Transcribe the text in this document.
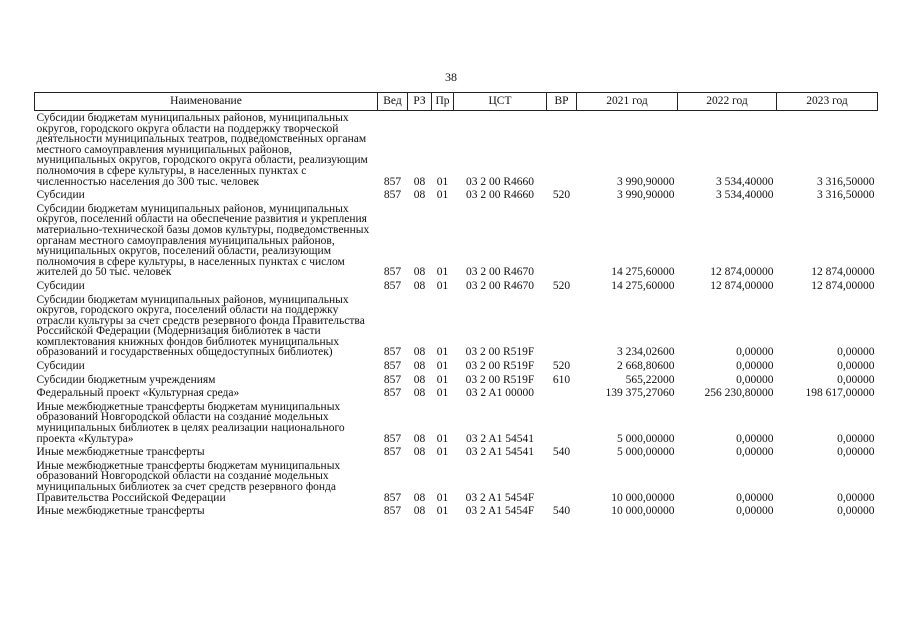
38
Наименование	Вед	РЗ	Пр	ЦСТ	ВР	2021 год	2022 год	2023 год
Субсидии бюджетам муниципальных районов, муниципальных округов, городского округа области на поддержку творческой деятельности муниципальных театров, подведомственных органам местного самоуправления муниципальных районов, муниципальных округов, городского округа области, реализующим полномочия в сфере культуры, в населенных пунктах с численностью населения до 300 тыс. человек	857	08	01	03 2 00 R4660		3 990,90000	3 534,40000	3 316,50000
Субсидии	857	08	01	03 2 00 R4660	520	3 990,90000	3 534,40000	3 316,50000
Субсидии бюджетам муниципальных районов, муниципальных округов, поселений области на обеспечение развития и укрепления материально-технической базы домов культуры, подведомственных органам местного самоуправления муниципальных районов, муниципальных округов, поселений области, реализующим полномочия в сфере культуры, в населенных пунктах с числом жителей до 50 тыс. человек	857	08	01	03 2 00 R4670		14 275,60000	12 874,00000	12 874,00000
Субсидии	857	08	01	03 2 00 R4670	520	14 275,60000	12 874,00000	12 874,00000
Субсидии бюджетам муниципальных районов, муниципальных округов, городского округа, поселений области на поддержку отрасли культуры за счет средств резервного фонда Правительства Российской Федерации (Модернизация библиотек в части комплектования книжных фондов библиотек муниципальных образований и государственных общедоступных библиотек)	857	08	01	03 2 00 R519F		3 234,02600	0,00000	0,00000
Субсидии	857	08	01	03 2 00 R519F	520	2 668,80600	0,00000	0,00000
Субсидии бюджетным учреждениям	857	08	01	03 2 00 R519F	610	565,22000	0,00000	0,00000
Федеральный проект «Культурная среда»	857	08	01	03 2 A1 00000		139 375,27060	256 230,80000	198 617,00000
Иные межбюджетные трансферты бюджетам муниципальных образований Новгородской области на создание модельных муниципальных библиотек в целях реализации национального проекта «Культура»	857	08	01	03 2 A1 54541		5 000,00000	0,00000	0,00000
Иные межбюджетные трансферты	857	08	01	03 2 A1 54541	540	5 000,00000	0,00000	0,00000
Иные межбюджетные трансферты бюджетам муниципальных образований Новгородской области на создание модельных муниципальных библиотек за счет средств резервного фонда Правительства Российской Федерации	857	08	01	03 2 A1 5454F		10 000,00000	0,00000	0,00000
Иные межбюджетные трансферты	857	08	01	03 2 A1 5454F	540	10 000,00000	0,00000	0,00000
